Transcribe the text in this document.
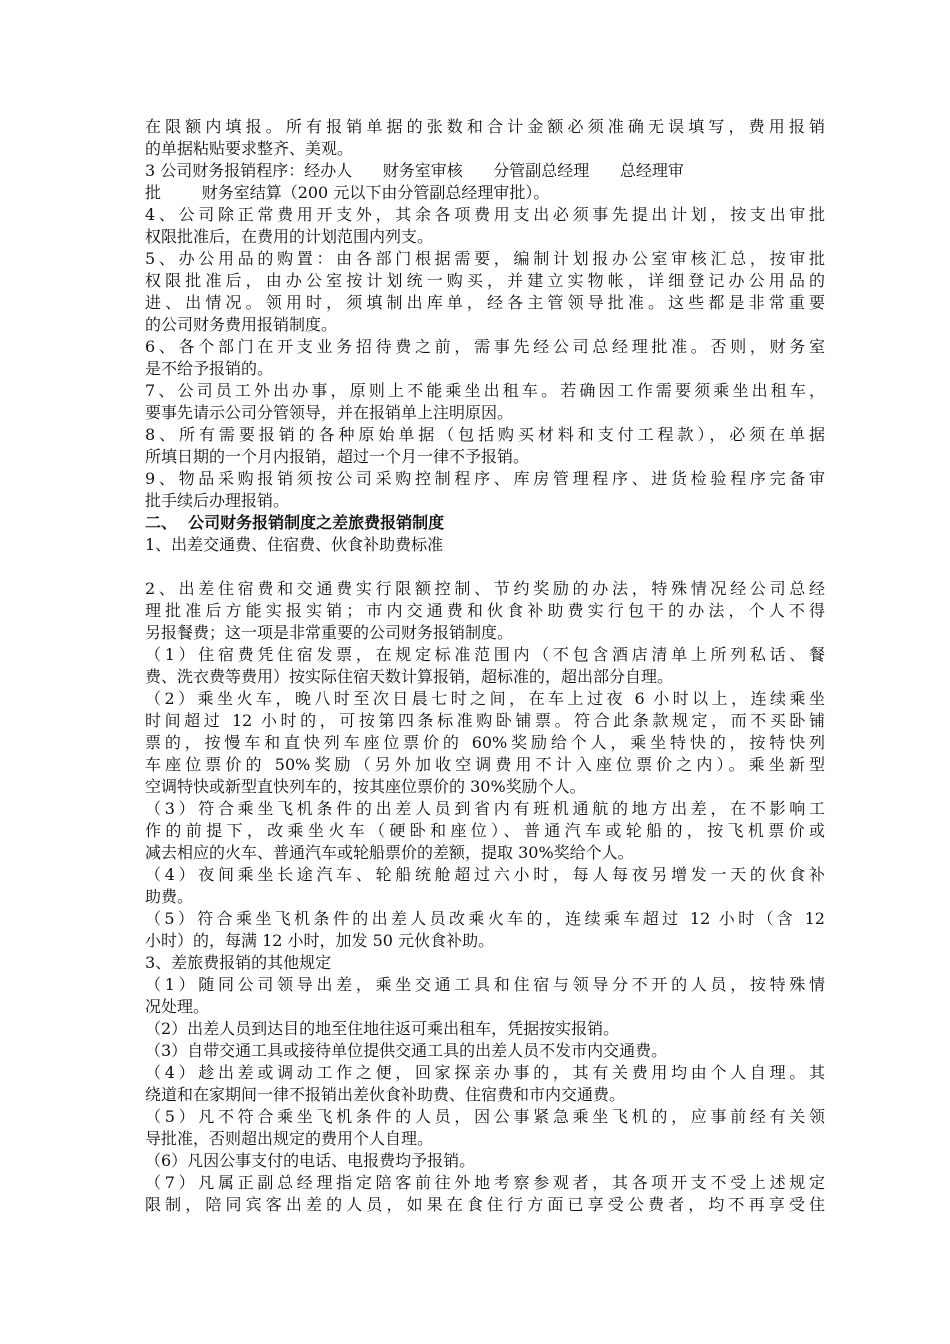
在限额内填报。所有报销单据的张数和合计金额必须准确无误填写，费用报销
的单据粘贴要求整齐、美观。
3 公司财务报销程序：经办人      财务室审核      分管副总经理      总经理审
批        财务室结算（200 元以下由分管副总经理审批）。
4、公司除正常费用开支外，其余各项费用支出必须事先提出计划，按支出审批
权限批准后，在费用的计划范围内列支。
5、办公用品的购置：由各部门根据需要，编制计划报办公室审核汇总，按审批
权限批准后，由办公室按计划统一购买，并建立实物帐，详细登记办公用品的
进、出情况。领用时，须填制出库单，经各主管领导批准。这些都是非常重要
的公司财务费用报销制度。
6、各个部门在开支业务招待费之前，需事先经公司总经理批准。否则，财务室
是不给予报销的。
7、公司员工外出办事，原则上不能乘坐出租车。若确因工作需要须乘坐出租车，
要事先请示公司分管领导，并在报销单上注明原因。
8、所有需要报销的各种原始单据（包括购买材料和支付工程款），必须在单据
所填日期的一个月内报销，超过一个月一律不予报销。
9、物品采购报销须按公司采购控制程序、库房管理程序、进货检验程序完备审
批手续后办理报销。
二、  公司财务报销制度之差旅费报销制度
1、出差交通费、住宿费、伙食补助费标准
2、出差住宿费和交通费实行限额控制、节约奖励的办法，特殊情况经公司总经
理批准后方能实报实销；市内交通费和伙食补助费实行包干的办法，个人不得
另报餐费；这一项是非常重要的公司财务报销制度。
（1）住宿费凭住宿发票，在规定标准范围内（不包含酒店清单上所列私话、餐
费、洗衣费等费用）按实际住宿天数计算报销，超标准的，超出部分自理。
（2）乘坐火车，晚八时至次日晨七时之间，在车上过夜 6 小时以上，连续乘坐
时间超过 12 小时的，可按第四条标准购卧铺票。符合此条款规定，而不买卧铺
票的，按慢车和直快列车座位票价的 60%奖励给个人，乘坐特快的，按特快列
车座位票价的 50%奖励（另外加收空调费用不计入座位票价之内）。乘坐新型
空调特快或新型直快列车的，按其座位票价的 30%奖励个人。
（3）符合乘坐飞机条件的出差人员到省内有班机通航的地方出差，在不影响工
作的前提下，改乘坐火车（硬卧和座位）、普通汽车或轮船的，按飞机票价或
减去相应的火车、普通汽车或轮船票价的差额，提取 30%奖给个人。
（4）夜间乘坐长途汽车、轮船统舱超过六小时，每人每夜另增发一天的伙食补
助费。
（5）符合乘坐飞机条件的出差人员改乘火车的，连续乘车超过 12 小时（含 12
小时）的，每满 12 小时，加发 50 元伙食补助。
3、差旅费报销的其他规定
（1）随同公司领导出差，乘坐交通工具和住宿与领导分不开的人员，按特殊情
况处理。
（2）出差人员到达目的地至住地往返可乘出租车，凭据按实报销。
（3）自带交通工具或接待单位提供交通工具的出差人员不发市内交通费。
（4）趁出差或调动工作之便，回家探亲办事的，其有关费用均由个人自理。其
绕道和在家期间一律不报销出差伙食补助费、住宿费和市内交通费。
（5）凡不符合乘坐飞机条件的人员，因公事紧急乘坐飞机的，应事前经有关领
导批准，否则超出规定的费用个人自理。
（6）凡因公事支付的电话、电报费均予报销。
（7）凡属正副总经理指定陪客前往外地考察参观者，其各项开支不受上述规定
限制，陪同宾客出差的人员，如果在食住行方面已享受公费者，均不再享受住
